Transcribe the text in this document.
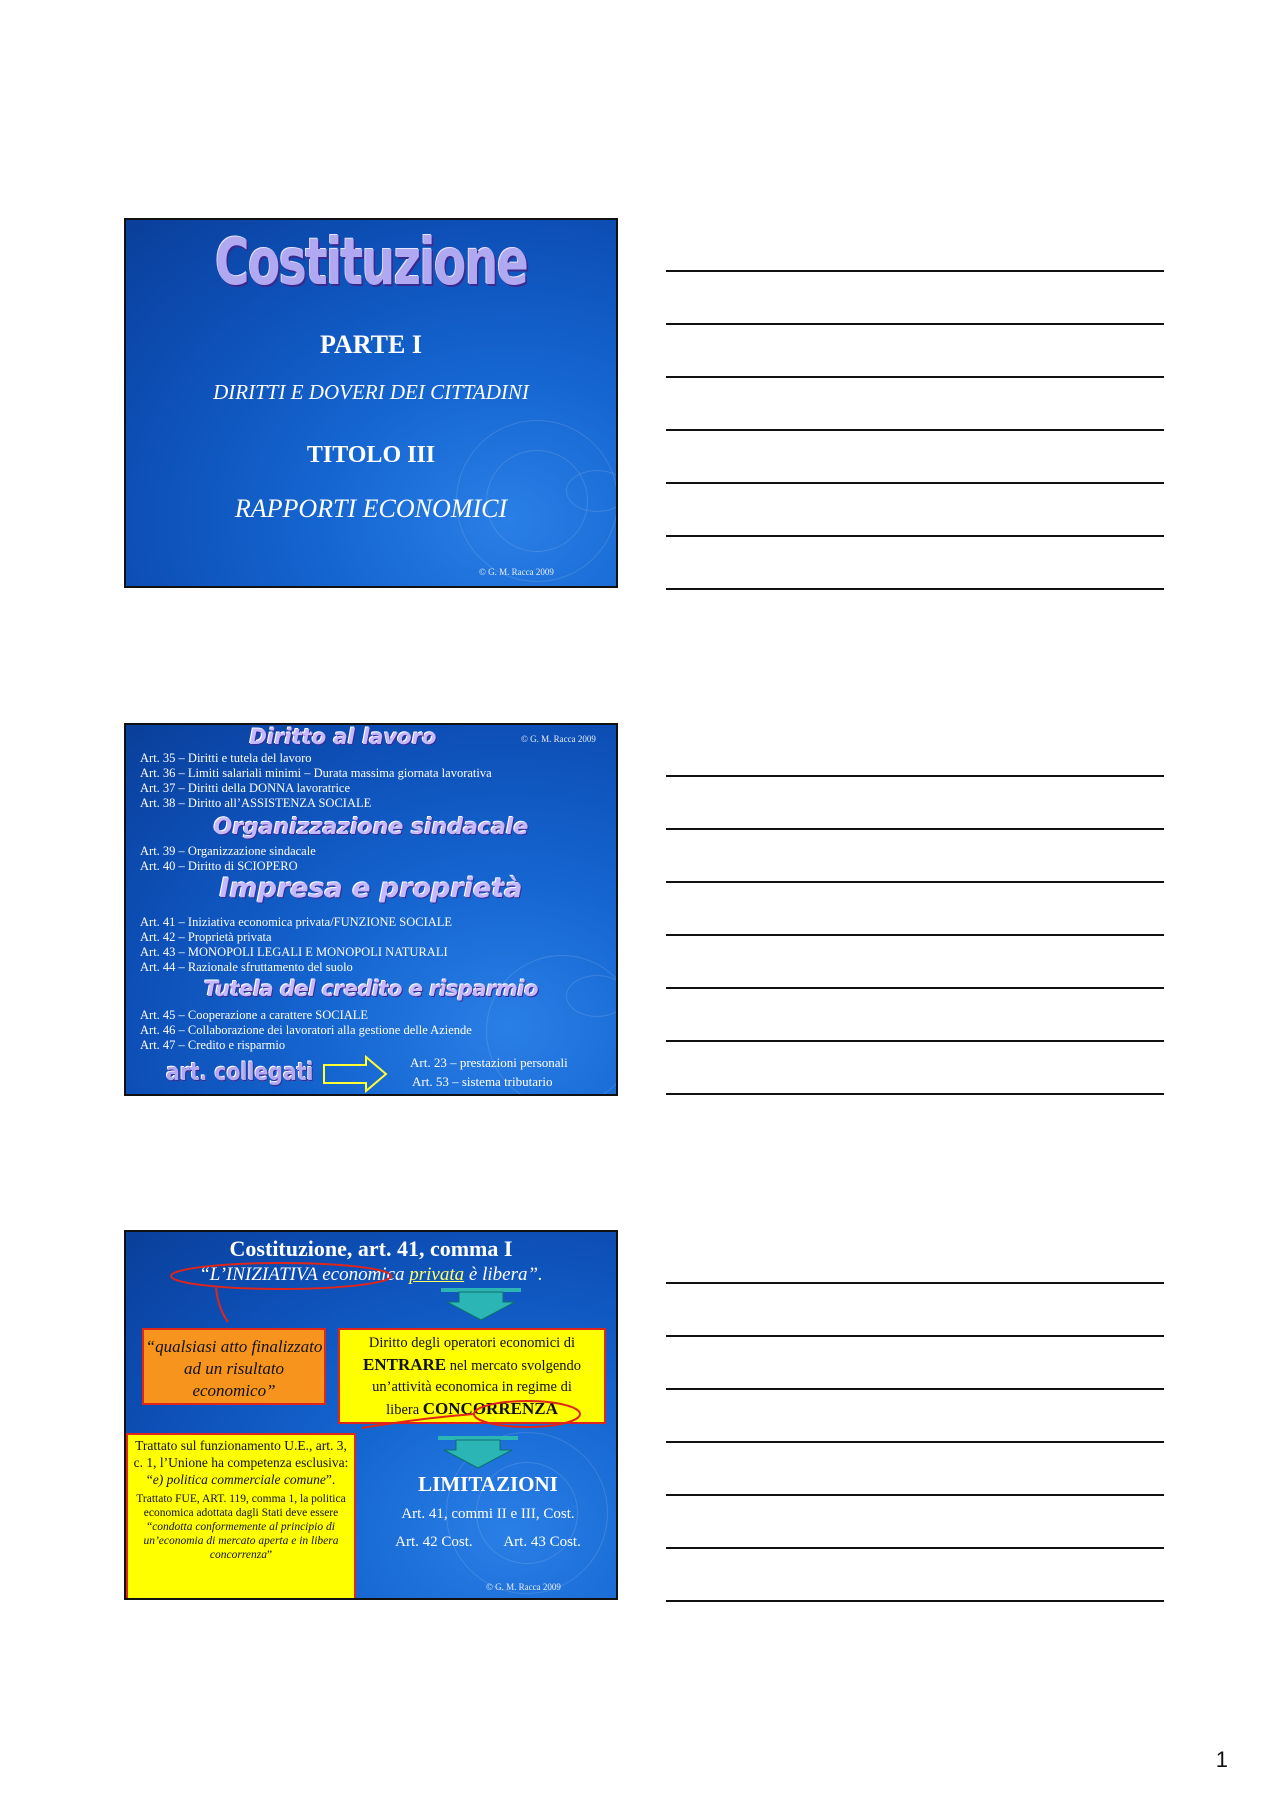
Costituzione
PARTE I
DIRITTI E DOVERI DEI CITTADINI
TITOLO III
RAPPORTI ECONOMICI
© G. M. Racca 2009
Diritto al lavoro	© G. M. Racca 2009
Art. 35 – Diritti e tutela del lavoro
Art. 36 – Limiti salariali minimi – Durata massima giornata lavorativa
Art. 37 – Diritti della DONNA lavoratrice
Art. 38 – Diritto all’ASSISTENZA SOCIALE
Organizzazione sindacale
Art. 39 – Organizzazione sindacale
Art. 40 – Diritto di SCIOPERO
Impresa e proprietà
Art. 41 – Iniziativa economica privata/FUNZIONE SOCIALE
Art. 42 – Proprietà privata
Art. 43 – MONOPOLI LEGALI E MONOPOLI NATURALI
Art. 44 – Razionale sfruttamento del suolo
Tutela del credito e risparmio
Art. 45 – Cooperazione a carattere SOCIALE
Art. 46 – Collaborazione dei lavoratori alla gestione delle Aziende
Art. 47 – Credito e risparmio
art. collegati	Art. 23 – prestazioni personali
Art. 53 – sistema tributario
Costituzione, art. 41, comma I
“L’INIZIATIVA economica privata è libera”.
“qualsiasi atto finalizzato ad un risultato economico”
Diritto degli operatori economici di
ENTRARE nel mercato svolgendo un’attività economica in regime di
libera CONCORRENZA
Trattato sul funzionamento U.E., art. 3, c. 1, l’Unione ha competenza esclusiva: “e) politica commerciale comune”.
Trattato FUE, ART. 119, comma 1, la politica economica adottata dagli Stati deve essere “condotta conformemente al principio di un’economia di mercato aperta e in libera concorrenza”
LIMITAZIONI
Art. 41, commi II e III, Cost.
Art. 42 Cost. Art. 43 Cost.
© G. M. Racca 2009
1
